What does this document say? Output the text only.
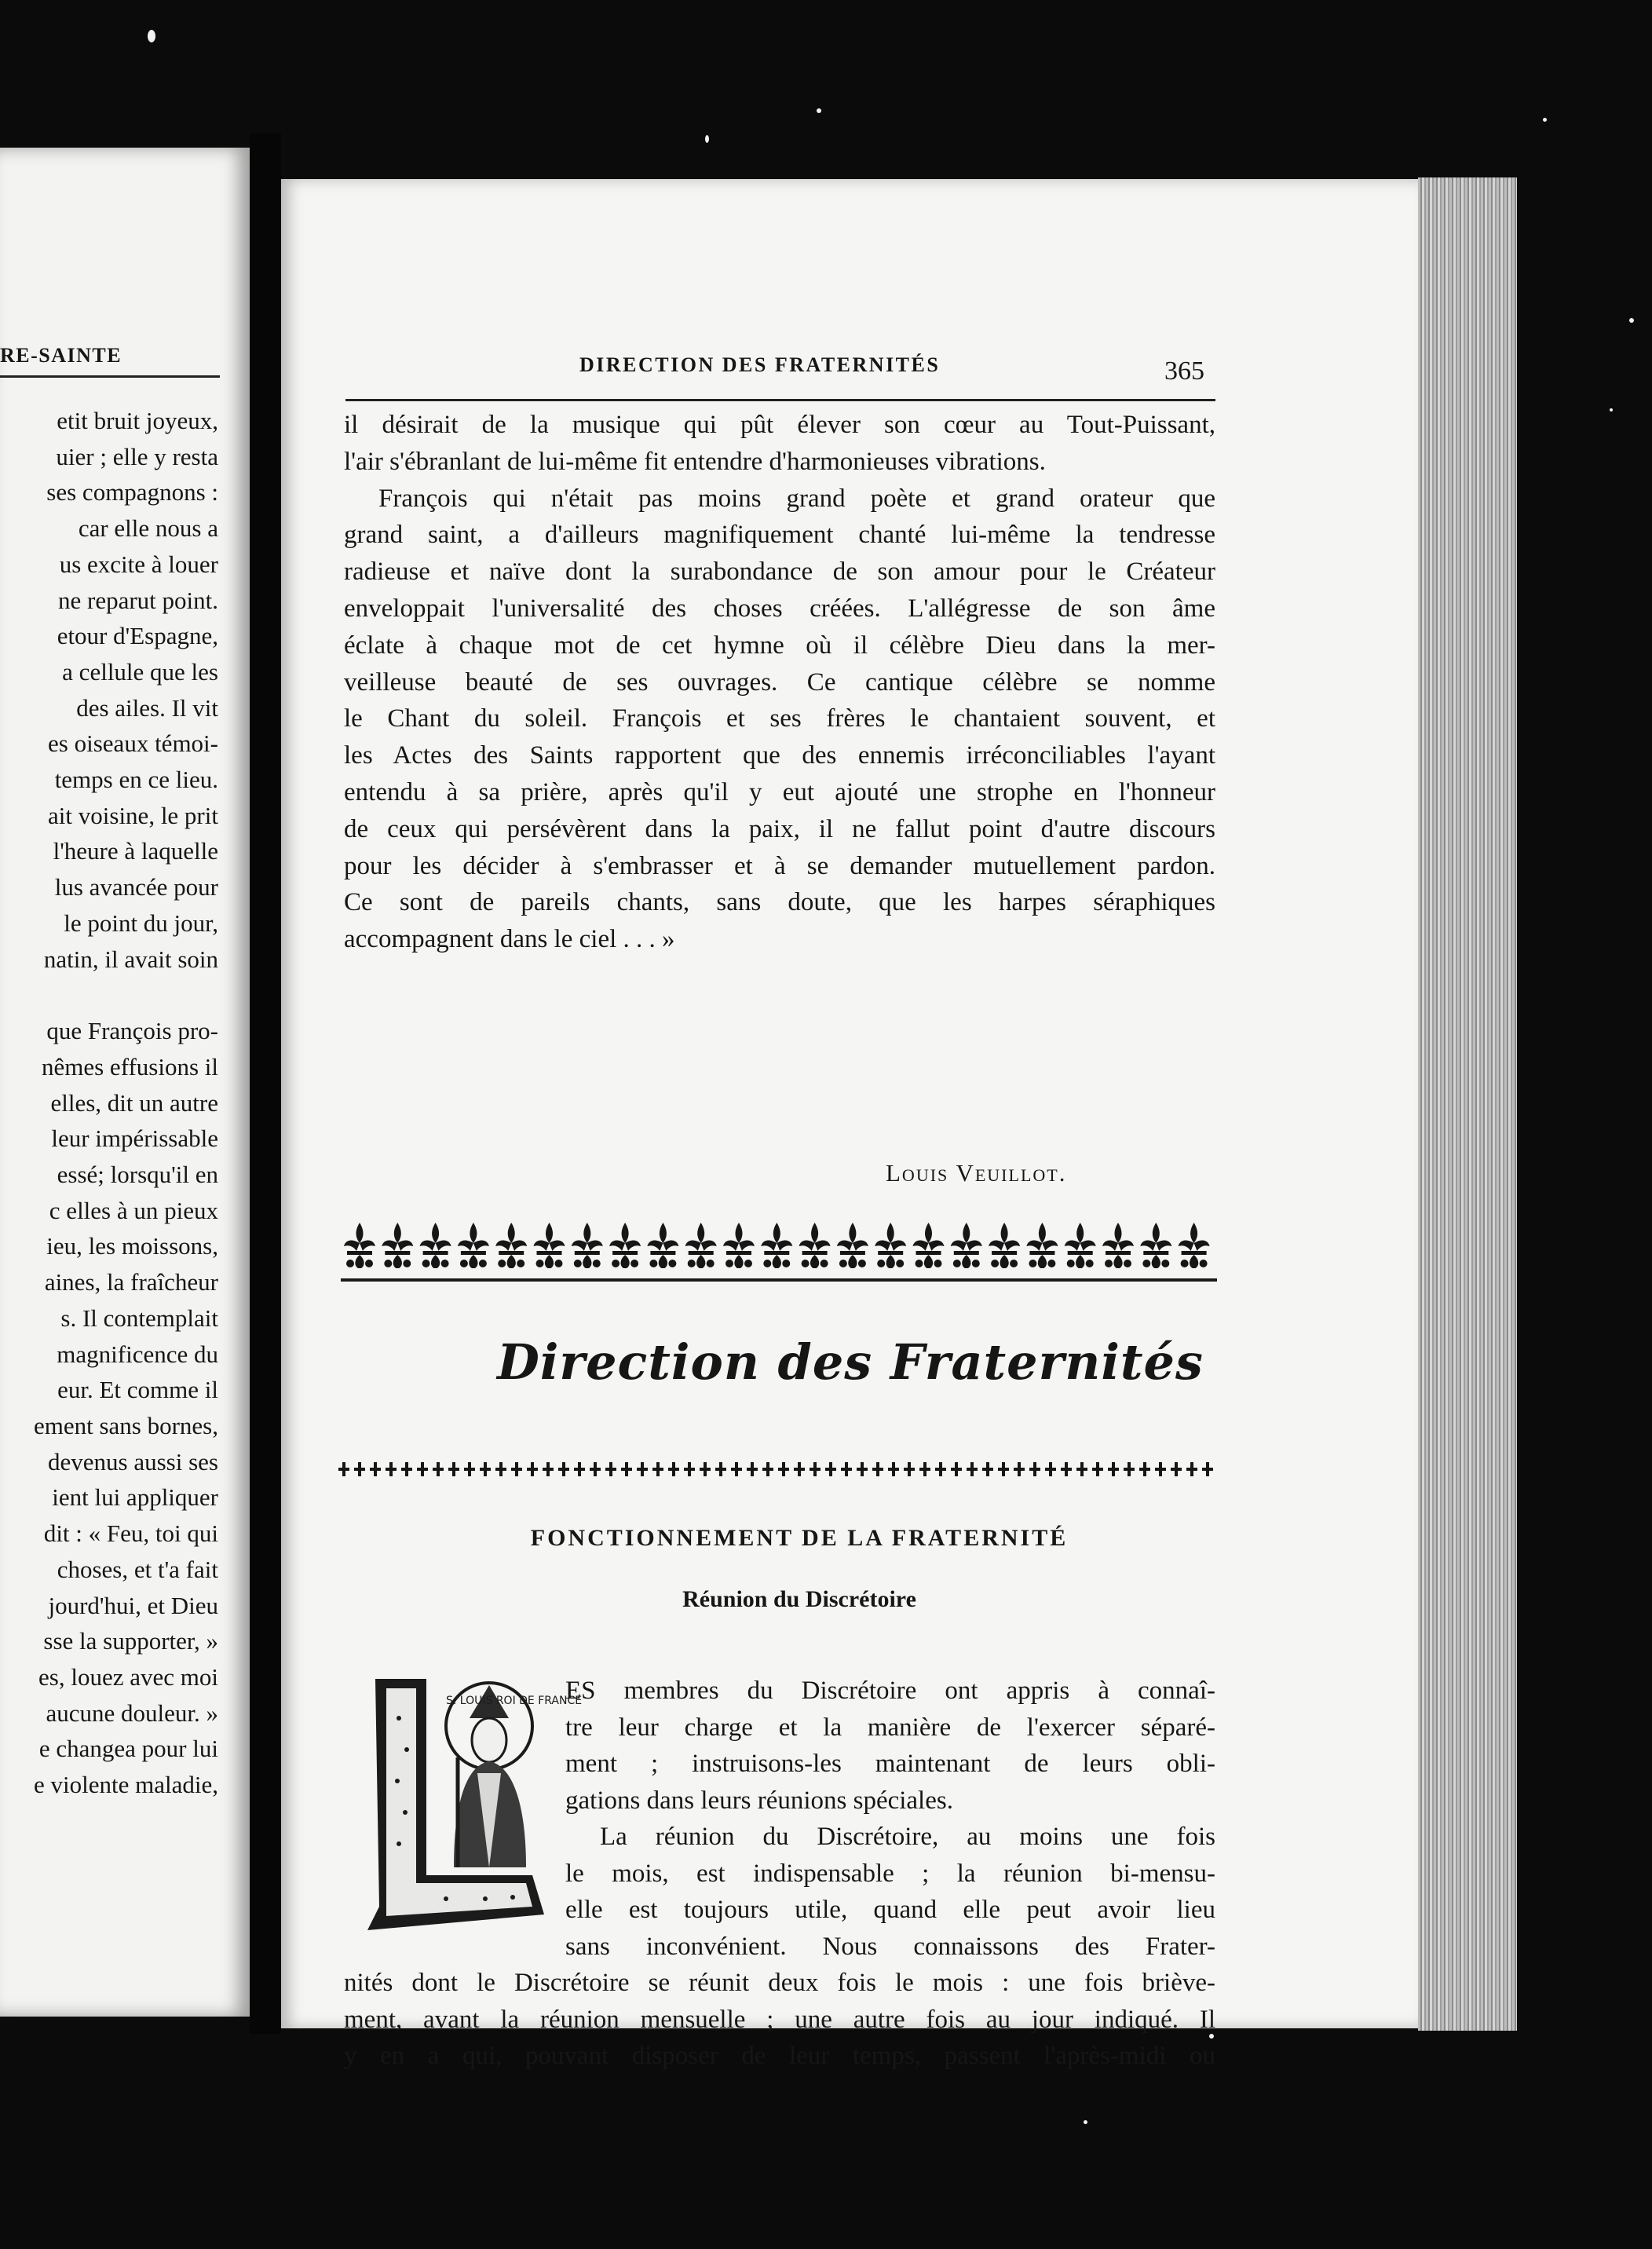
RE-SAINTE
etit bruit joyeux,
uier ; elle y resta
ses compagnons :
car elle nous a
us excite à louer
ne reparut point.
etour d'Espagne,
a cellule que les
des ailes. Il vit
es oiseaux témoi-
temps en ce lieu.
ait voisine, le prit
l'heure à laquelle
lus avancée pour
le point du jour,
natin, il avait soin
que François pro-
nêmes effusions il
elles, dit un autre
leur impérissable
essé; lorsqu'il en
c elles à un pieux
ieu, les moissons,
aines, la fraîcheur
s. Il contemplait
magnificence du
eur. Et comme il
ement sans bornes,
devenus aussi ses
ient lui appliquer
dit : « Feu, toi qui
choses, et t'a fait
jourd'hui, et Dieu
sse la supporter, »
es, louez avec moi
aucune douleur. »
e changea pour lui
e violente maladie,
DIRECTION DES FRATERNITÉS	365
il désirait de la musique qui pût élever son cœur au Tout-Puissant,
l'air s'ébranlant de lui-même fit entendre d'harmonieuses vibrations.
François qui n'était pas moins grand poète et grand orateur que
grand saint, a d'ailleurs magnifiquement chanté lui-même la tendresse
radieuse et naïve dont la surabondance de son amour pour le Créateur
enveloppait l'universalité des choses créées. L'allégresse de son âme
éclate à chaque mot de cet hymne où il célèbre Dieu dans la mer-
veilleuse beauté de ses ouvrages. Ce cantique célèbre se nomme
le Chant du soleil. François et ses frères le chantaient souvent, et
les Actes des Saints rapportent que des ennemis irréconciliables l'ayant
entendu à sa prière, après qu'il y eut ajouté une strophe en l'honneur
de ceux qui persévèrent dans la paix, il ne fallut point d'autre discours
pour les décider à s'embrasser et à se demander mutuellement pardon.
Ce sont de pareils chants, sans doute, que les harpes séraphiques
accompagnent dans le ciel . . . »
Louis Veuillot.
Direction des Fraternités
FONCTIONNEMENT DE LA FRATERNITÉ
Réunion du Discrétoire
S. LOUIS ROI DE FRANCE
ES membres du Discrétoire ont appris à connaî-
tre leur charge et la manière de l'exercer séparé-
ment ; instruisons-les maintenant de leurs obli-
gations dans leurs réunions spéciales.
La réunion du Discrétoire, au moins une fois
le mois, est indispensable ; la réunion bi-mensu-
elle est toujours utile, quand elle peut avoir lieu
sans inconvénient. Nous connaissons des Frater-
nités dont le Discrétoire se réunit deux fois le mois : une fois briève-
ment, avant la réunion mensuelle ; une autre fois au jour indiqué. Il
y en a qui, pouvant disposer de leur temps, passent l'après-midi ou
